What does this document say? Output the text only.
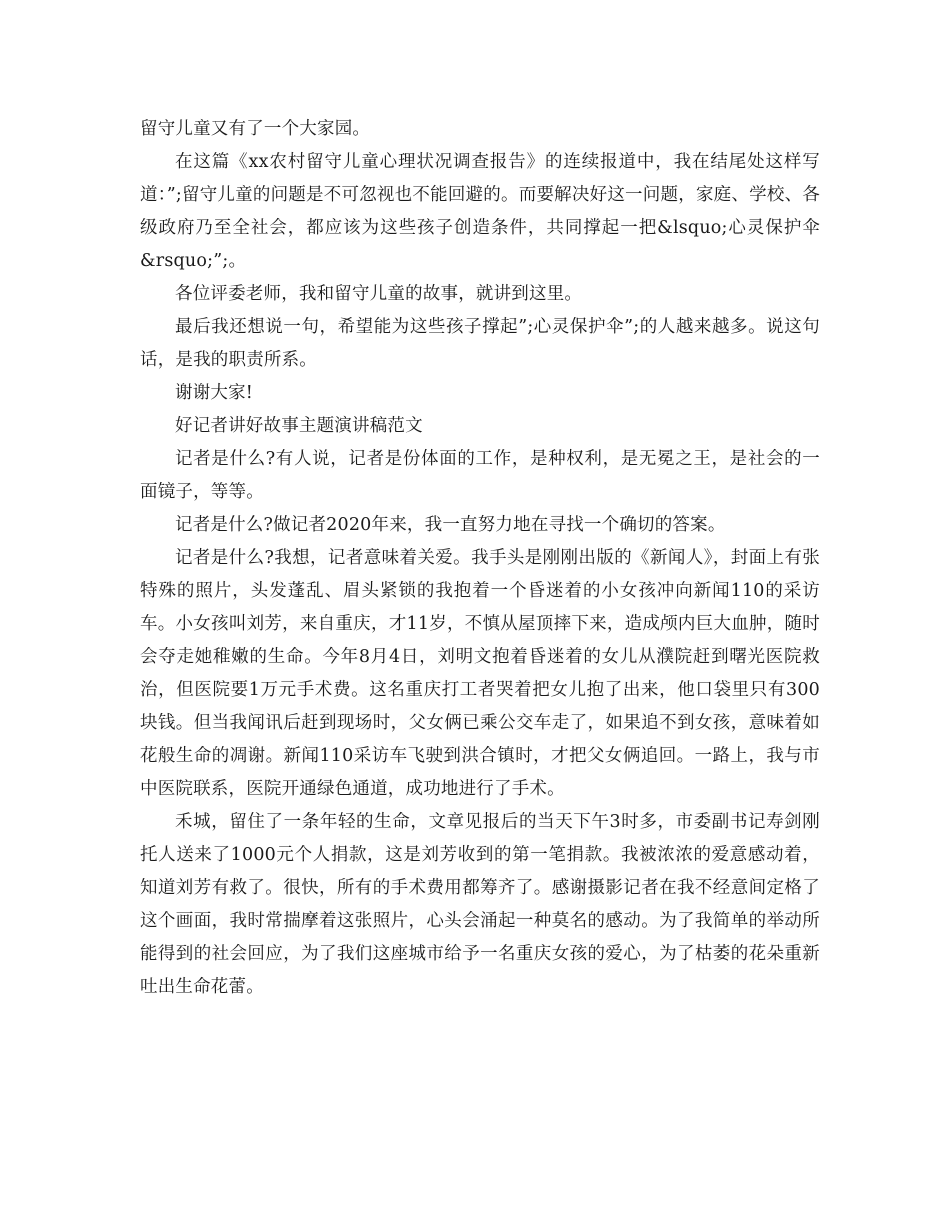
留守儿童又有了一个大家园。

在这篇《xx农村留守儿童心理状况调查报告》的连续报道中，我在结尾处这样写道：”;留守儿童的问题是不可忽视也不能回避的。而要解决好这一问题，家庭、学校、各级政府乃至全社会，都应该为这些孩子创造条件，共同撑起一把&lsquo;心灵保护伞&rsquo;”;。

各位评委老师，我和留守儿童的故事，就讲到这里。

最后我还想说一句，希望能为这些孩子撑起”;心灵保护伞”;的人越来越多。说这句话，是我的职责所系。

谢谢大家!

好记者讲好故事主题演讲稿范文

记者是什么?有人说，记者是份体面的工作，是种权利，是无冕之王，是社会的一面镜子，等等。

记者是什么?做记者2020年来，我一直努力地在寻找一个确切的答案。

记者是什么?我想，记者意味着关爱。我手头是刚刚出版的《新闻人》，封面上有张特殊的照片，头发蓬乱、眉头紧锁的我抱着一个昏迷着的小女孩冲向新闻110的采访车。小女孩叫刘芳，来自重庆，才11岁，不慎从屋顶摔下来，造成颅内巨大血肿，随时会夺走她稚嫩的生命。今年8月4日，刘明文抱着昏迷着的女儿从濮院赶到曙光医院救治，但医院要1万元手术费。这名重庆打工者哭着把女儿抱了出来，他口袋里只有300块钱。但当我闻讯后赶到现场时，父女俩已乘公交车走了，如果追不到女孩，意味着如花般生命的凋谢。新闻110采访车飞驶到洪合镇时，才把父女俩追回。一路上，我与市中医院联系，医院开通绿色通道，成功地进行了手术。

禾城，留住了一条年轻的生命，文章见报后的当天下午3时多，市委副书记寿剑刚托人送来了1000元个人捐款，这是刘芳收到的第一笔捐款。我被浓浓的爱意感动着，知道刘芳有救了。很快，所有的手术费用都筹齐了。感谢摄影记者在我不经意间定格了这个画面，我时常揣摩着这张照片，心头会涌起一种莫名的感动。为了我简单的举动所能得到的社会回应，为了我们这座城市给予一名重庆女孩的爱心，为了枯萎的花朵重新吐出生命花蕾。
